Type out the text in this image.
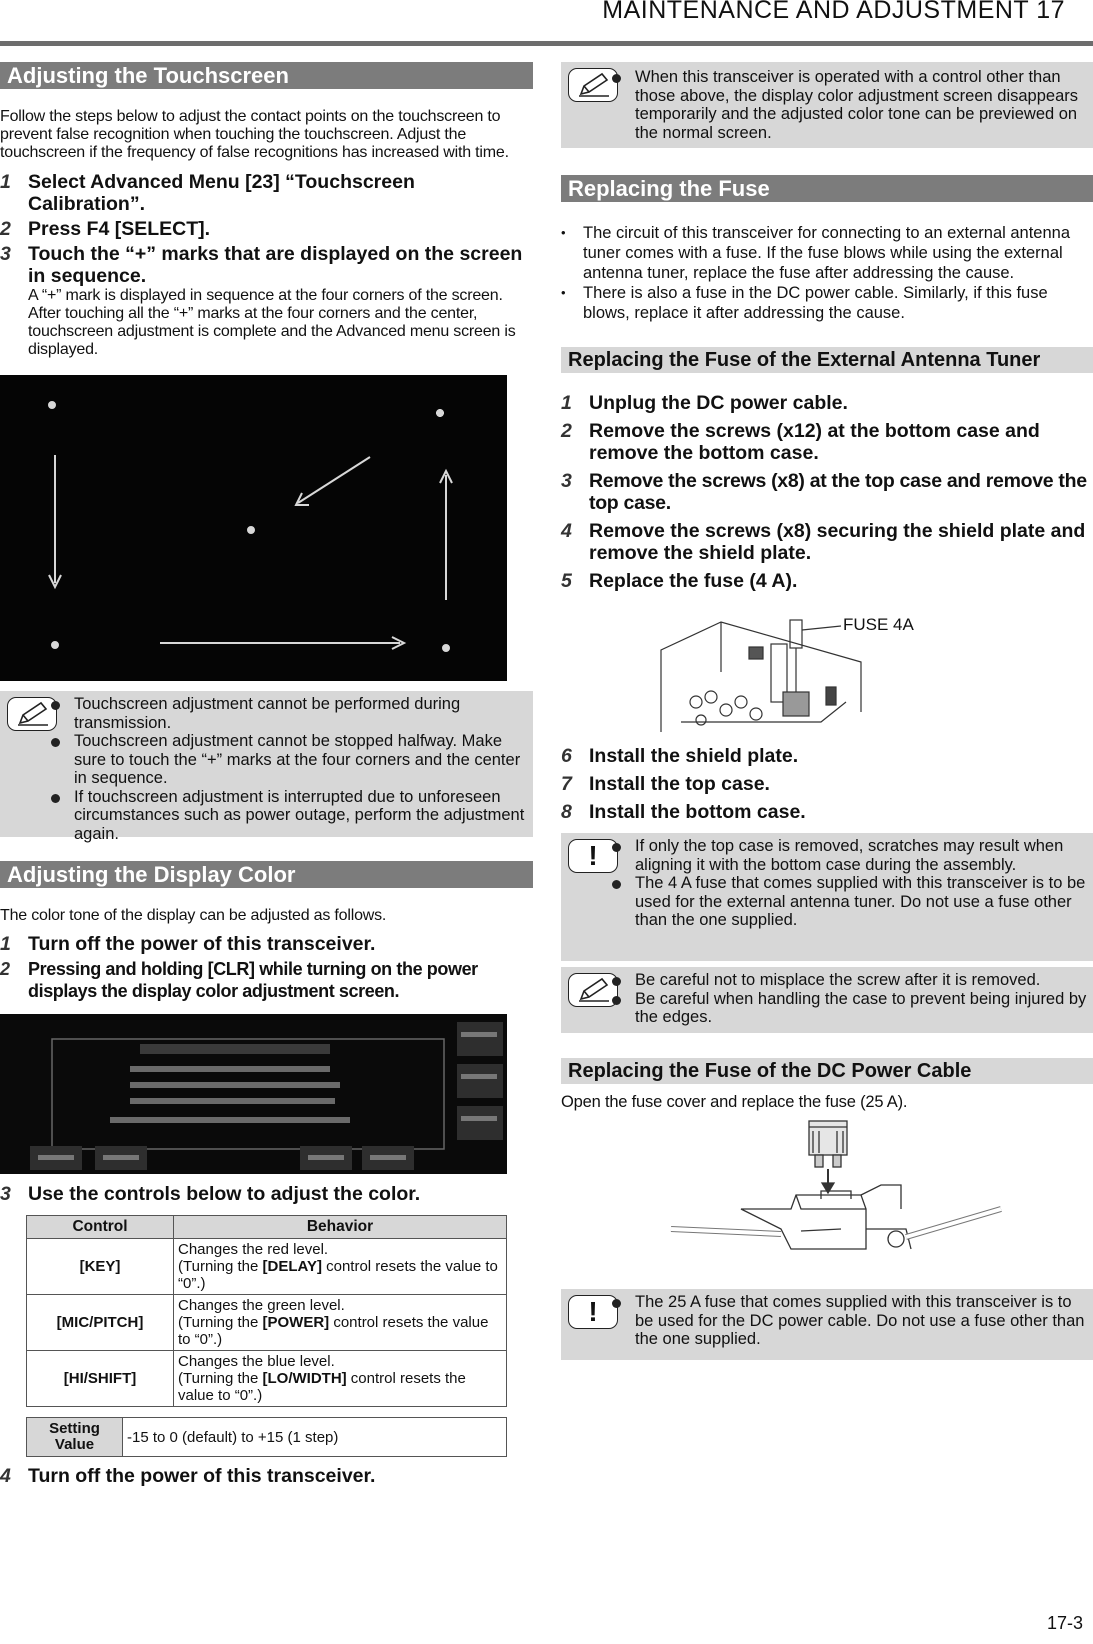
MAINTENANCE AND ADJUSTMENT 17
Adjusting the Touchscreen
Follow the steps below to adjust the contact points on the touchscreen to prevent false recognition when touching the touchscreen. Adjust the touchscreen if the frequency of false recognitions has increased with time.
1 Select Advanced Menu [23] “Touchscreen Calibration”.
2 Press F4 [SELECT].
3 Touch the “+” marks that are displayed on the screen in sequence.
A “+” mark is displayed in sequence at the four corners of the screen. After touching all the “+” marks at the four corners and the center, touchscreen adjustment is complete and the Advanced menu screen is displayed.
Touchscreen adjustment cannot be performed during transmission.
Touchscreen adjustment cannot be stopped halfway. Make sure to touch the “+” marks at the four corners and the center in sequence.
If touchscreen adjustment is interrupted due to unforeseen circumstances such as power outage, perform the adjustment again.
Adjusting the Display Color
The color tone of the display can be adjusted as follows.
1 Turn off the power of this transceiver.
2 Pressing and holding [CLR] while turning on the power displays the display color adjustment screen.
3 Use the controls below to adjust the color.
Control	Behavior
[KEY]	Changes the red level.
(Turning the [DELAY] control resets the value to “0”.)
[MIC/PITCH]	Changes the green level.
(Turning the [POWER] control resets the value to “0”.)
[HI/SHIFT]	Changes the blue level.
(Turning the [LO/WIDTH] control resets the value to “0”.)
Setting Value	-15 to 0 (default) to +15 (1 step)
4 Turn off the power of this transceiver.
When this transceiver is operated with a control other than those above, the display color adjustment screen disappears temporarily and the adjusted color tone can be previewed on the normal screen.
Replacing the Fuse
• The circuit of this transceiver for connecting to an external antenna tuner comes with a fuse. If the fuse blows while using the external antenna tuner, replace the fuse after addressing the cause.
• There is also a fuse in the DC power cable. Similarly, if this fuse blows, replace it after addressing the cause.
Replacing the Fuse of the External Antenna Tuner
1 Unplug the DC power cable.
2 Remove the screws (x12) at the bottom case and remove the bottom case.
3 Remove the screws (x8) at the top case and remove the top case.
4 Remove the screws (x8) securing the shield plate and remove the shield plate.
5 Replace the fuse (4 A).
FUSE 4A
6 Install the shield plate.
7 Install the top case.
8 Install the bottom case.
! If only the top case is removed, scratches may result when aligning it with the bottom case during the assembly.
The 4 A fuse that comes supplied with this transceiver is to be used for the external antenna tuner. Do not use a fuse other than the one supplied.
Be careful not to misplace the screw after it is removed.
Be careful when handling the case to prevent being injured by the edges.
Replacing the Fuse of the DC Power Cable
Open the fuse cover and replace the fuse (25 A).
! The 25 A fuse that comes supplied with this transceiver is to be used for the DC power cable. Do not use a fuse other than the one supplied.
17-3
